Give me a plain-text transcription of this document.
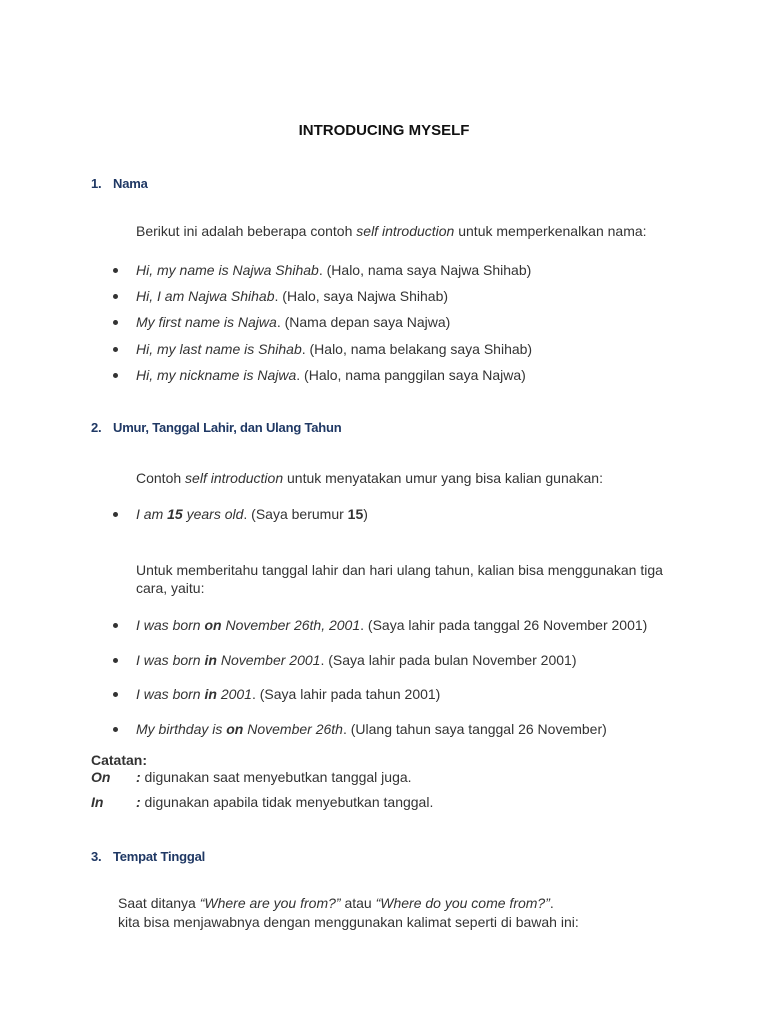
INTRODUCING MYSELF
1. Nama
Berikut ini adalah beberapa contoh self introduction untuk memperkenalkan nama:
Hi, my name is Najwa Shihab. (Halo, nama saya Najwa Shihab)
Hi, I am Najwa Shihab. (Halo, saya Najwa Shihab)
My first name is Najwa. (Nama depan saya Najwa)
Hi, my last name is Shihab. (Halo, nama belakang saya Shihab)
Hi, my nickname is Najwa. (Halo, nama panggilan saya Najwa)
2. Umur, Tanggal Lahir, dan Ulang Tahun
Contoh self introduction untuk menyatakan umur yang bisa kalian gunakan:
I am 15 years old. (Saya berumur 15)
Untuk memberitahu tanggal lahir dan hari ulang tahun, kalian bisa menggunakan tiga cara, yaitu:
I was born on November 26th, 2001. (Saya lahir pada tanggal 26 November 2001)
I was born in November 2001. (Saya lahir pada bulan November 2001)
I was born in 2001. (Saya lahir pada tahun 2001)
My birthday is on November 26th. (Ulang tahun saya tanggal 26 November)
Catatan:
On : digunakan saat menyebutkan tanggal juga.
In : digunakan apabila tidak menyebutkan tanggal.
3. Tempat Tinggal
Saat ditanya “Where are you from?” atau “Where do you come from?”.
kita bisa menjawabnya dengan menggunakan kalimat seperti di bawah ini:
